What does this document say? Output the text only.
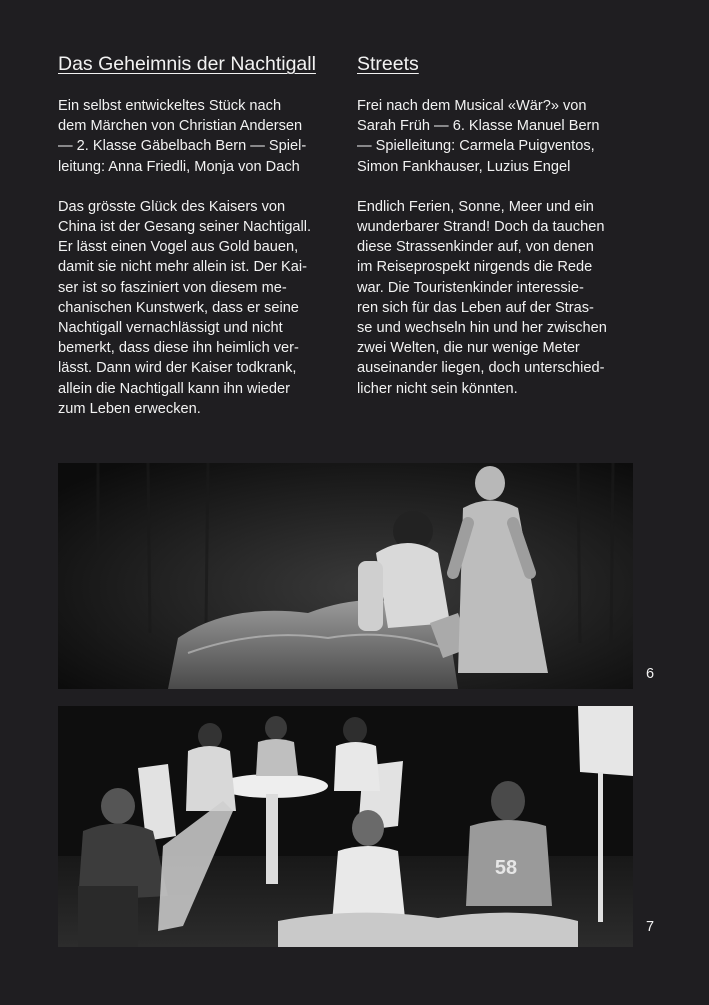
Das Geheimnis der Nachtigall

Ein selbst entwickeltes Stück nach
dem Märchen von Christian Andersen
— 2. Klasse Gäbelbach Bern — Spiel-
leitung: Anna Friedli, Monja von Dach

Das grösste Glück des Kaisers von
China ist der Gesang seiner Nachtigall.
Er lässt einen Vogel aus Gold bauen,
damit sie nicht mehr allein ist. Der Kai-
ser ist so fasziniert von diesem me-
chanischen Kunstwerk, dass er seine
Nachtigall vernachlässigt und nicht
bemerkt, dass diese ihn heimlich ver-
lässt. Dann wird der Kaiser todkrank,
allein die Nachtigall kann ihn wieder
zum Leben erwecken.

Streets

Frei nach dem Musical «Wär?» von
Sarah Früh — 6. Klasse Manuel Bern
— Spielleitung: Carmela Puigventos,
Simon Fankhauser, Luzius Engel

Endlich Ferien, Sonne, Meer und ein
wunderbarer Strand! Doch da tauchen
diese Strassenkinder auf, von denen
im Reiseprospekt nirgends die Rede
war. Die Touristenkinder interessie-
ren sich für das Leben auf der Stras-
se und wechseln hin und her zwischen
zwei Welten, die nur wenige Meter
auseinander liegen, doch unterschied-
licher nicht sein könnten.

58
6
7
